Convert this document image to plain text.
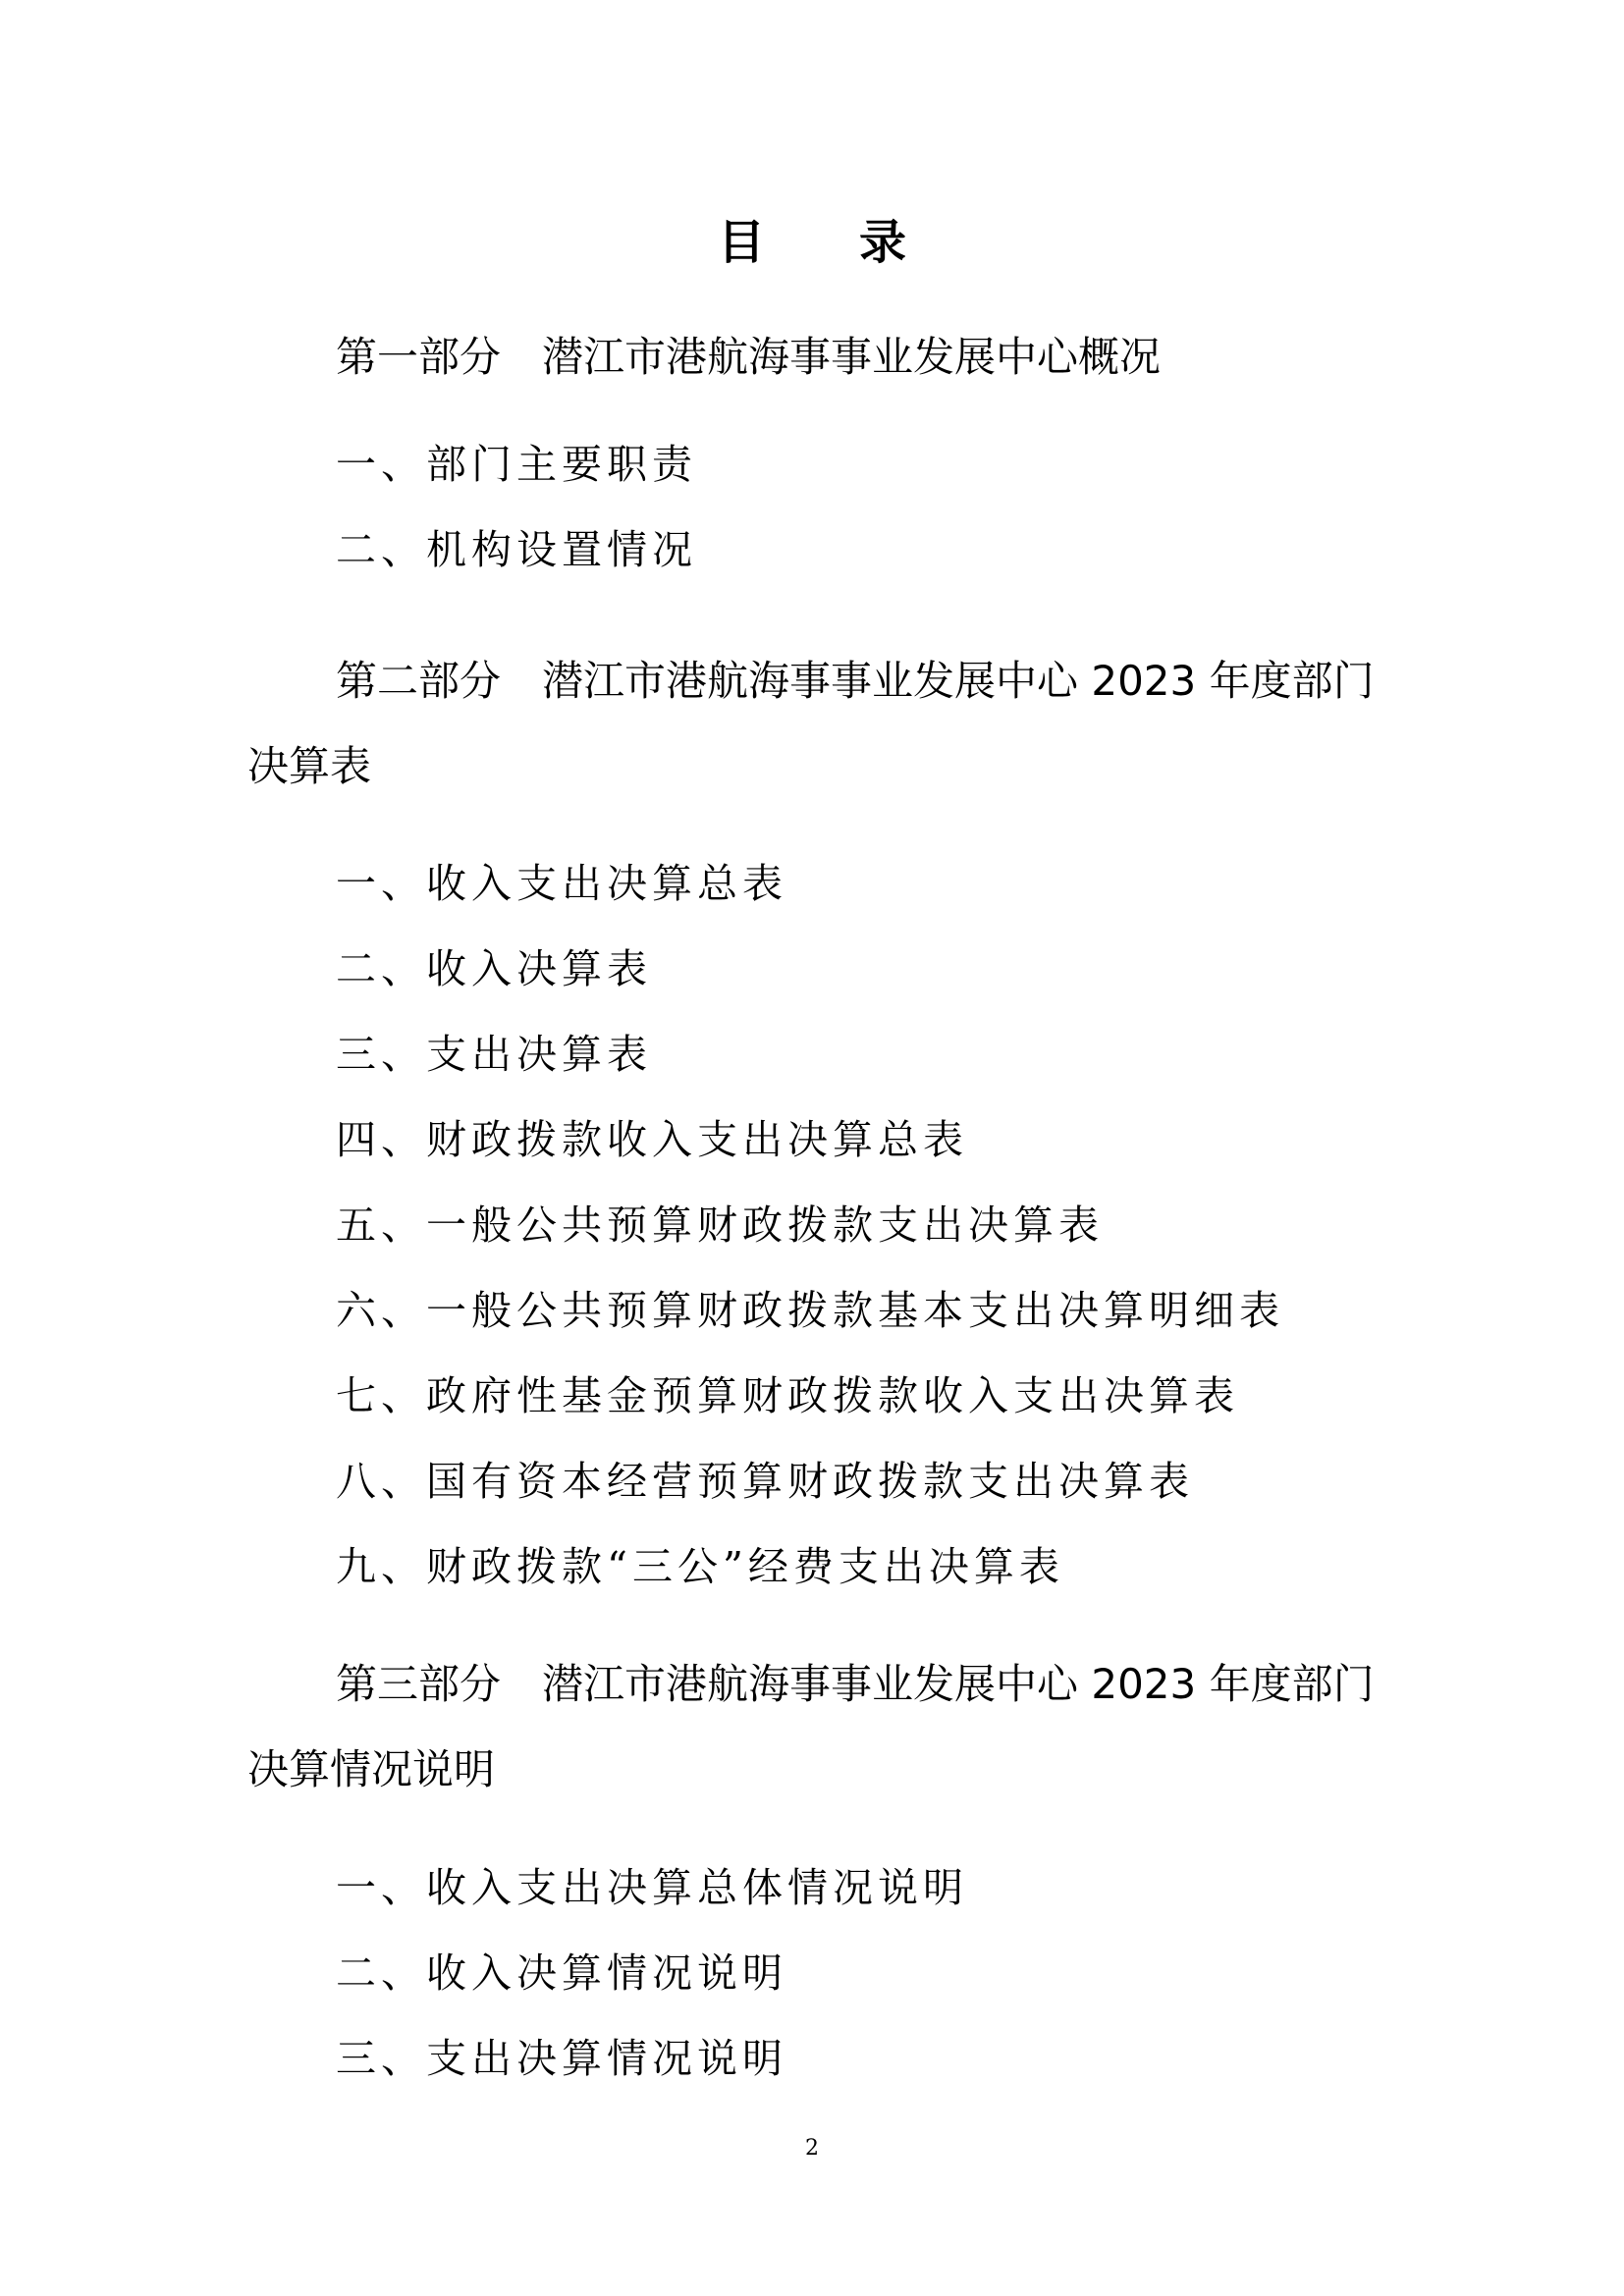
目 录
第一部分 潜江市港航海事事业发展中心概况
一、部门主要职责
二、机构设置情况
第二部分 潜江市港航海事事业发展中心 2023 年度部门决算表
一、收入支出决算总表
二、收入决算表
三、支出决算表
四、财政拨款收入支出决算总表
五、一般公共预算财政拨款支出决算表
六、一般公共预算财政拨款基本支出决算明细表
七、政府性基金预算财政拨款收入支出决算表
八、国有资本经营预算财政拨款支出决算表
九、财政拨款“三公”经费支出决算表
第三部分 潜江市港航海事事业发展中心 2023 年度部门决算情况说明
一、收入支出决算总体情况说明
二、收入决算情况说明
三、支出决算情况说明
2
